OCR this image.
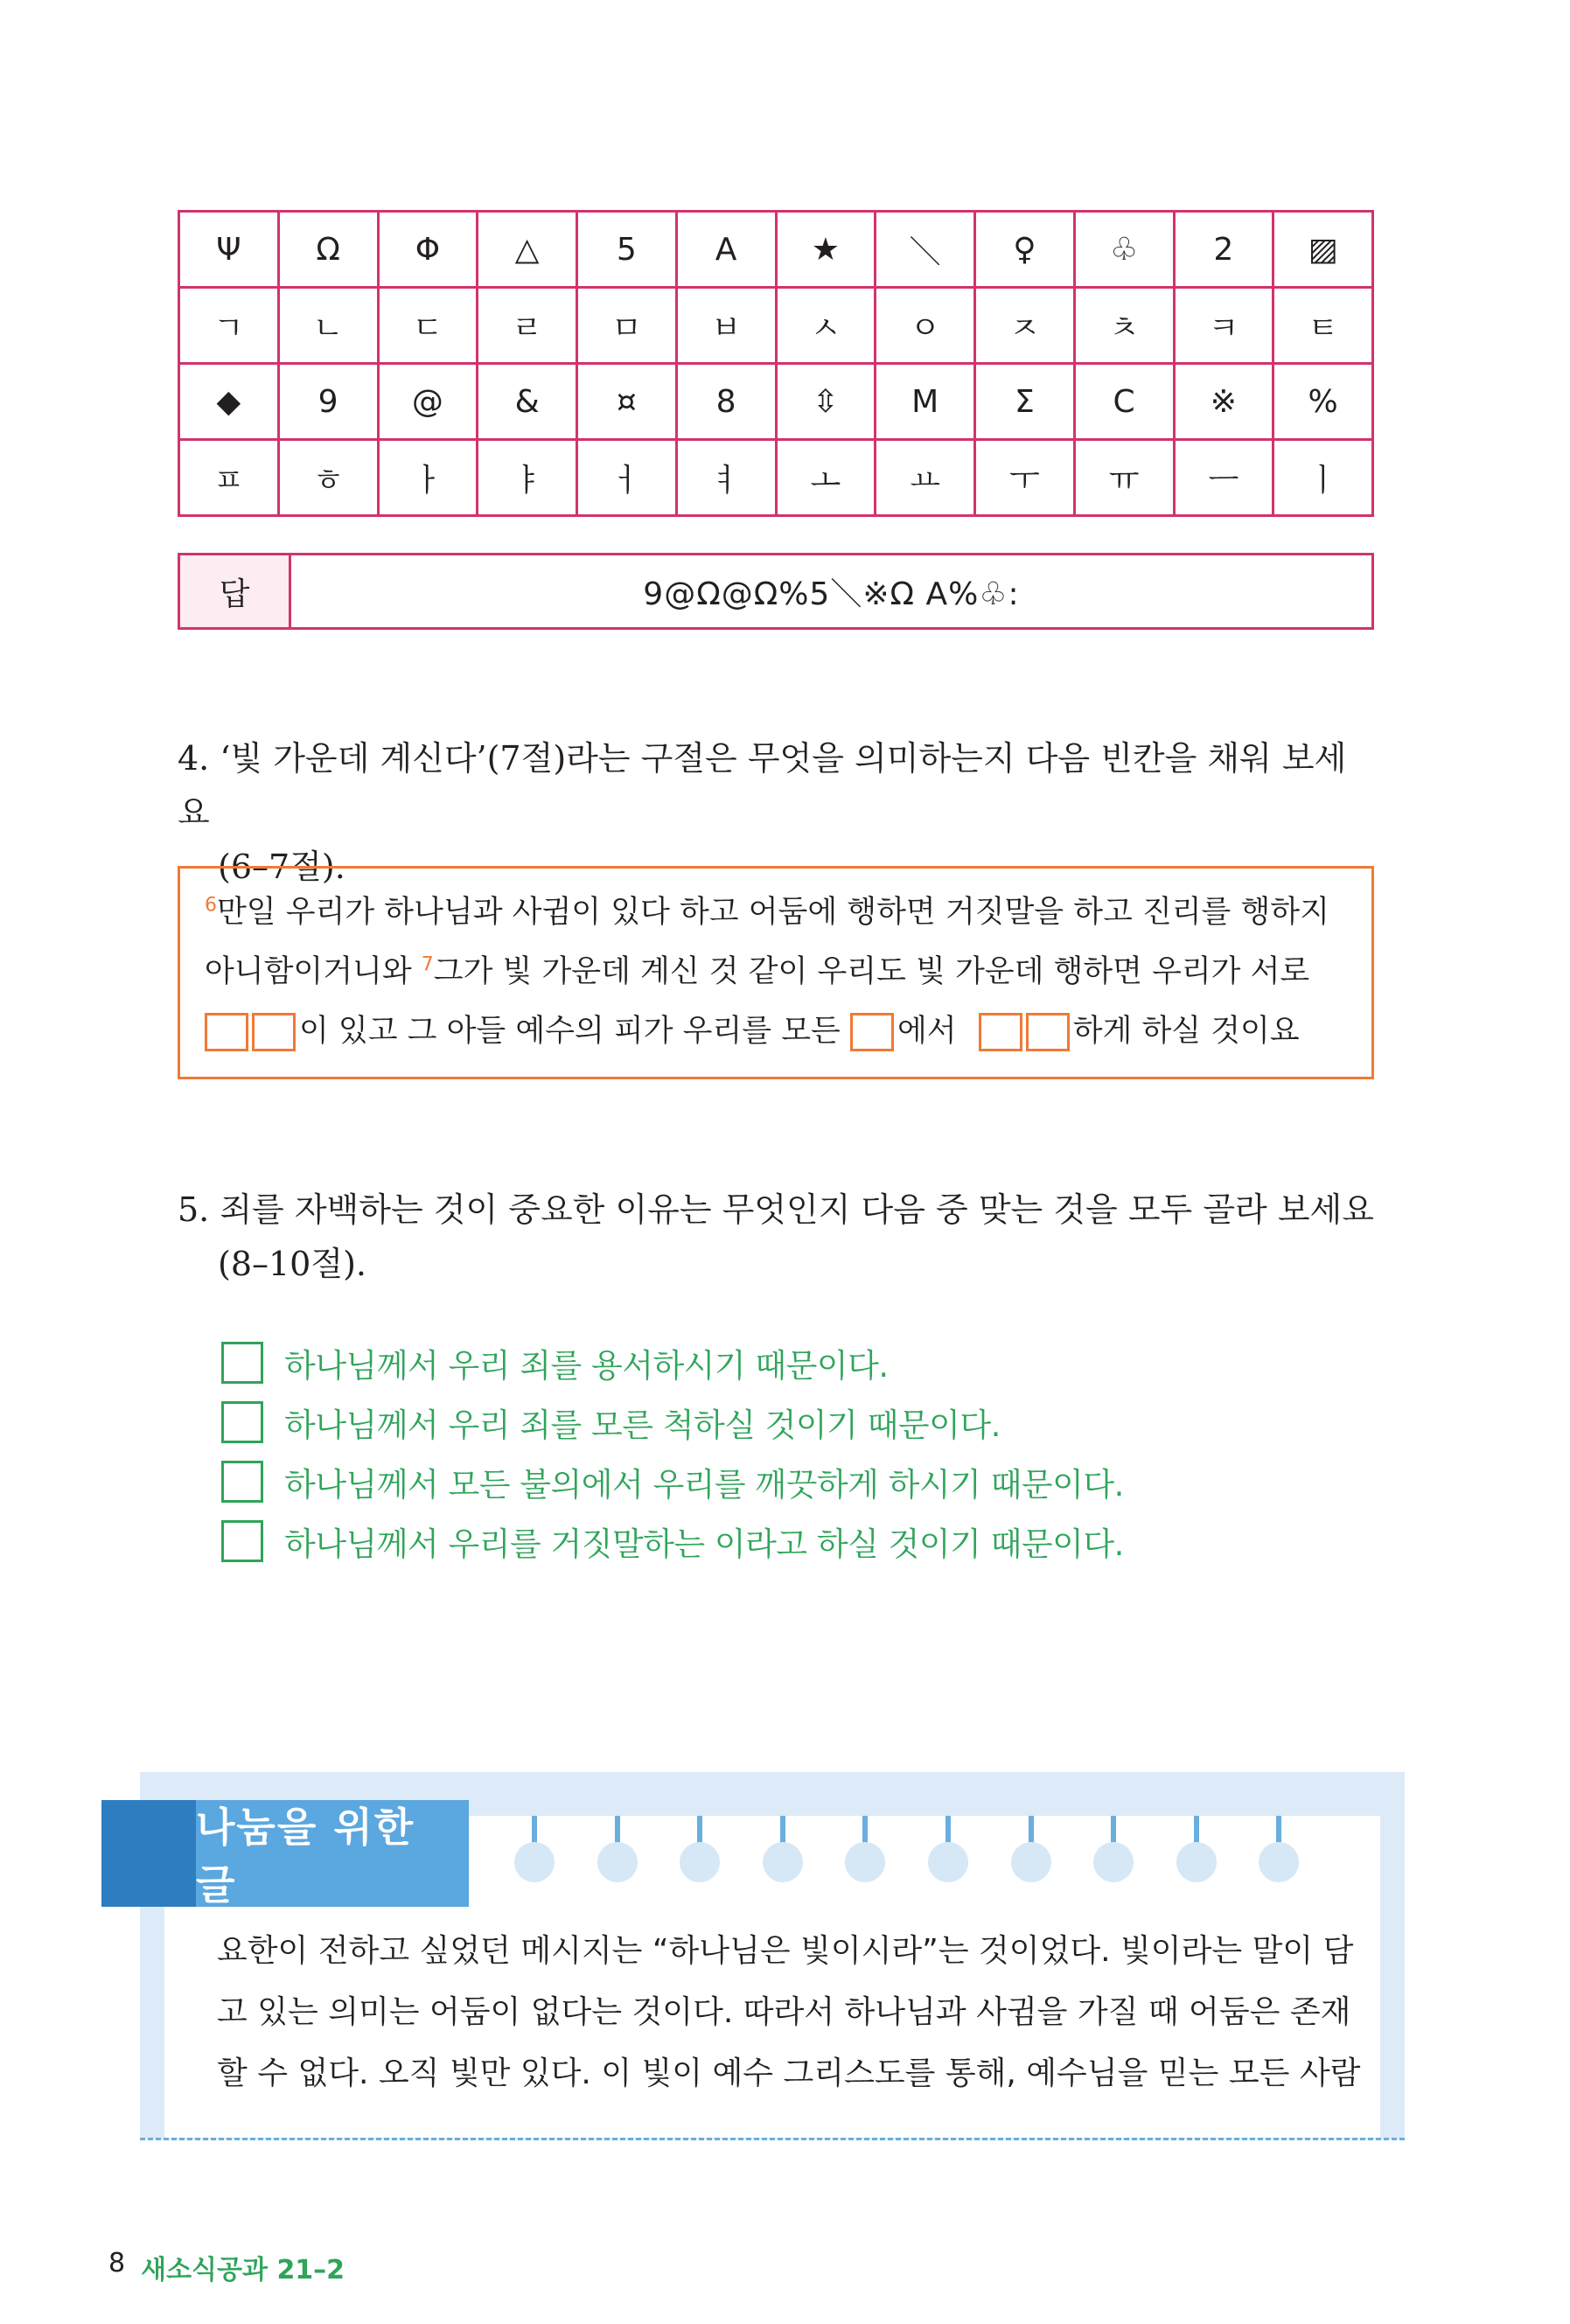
Ψ	Ω	Φ	△	5	A	★	＼	♀	♧	2	▨
ㄱ	ㄴ	ㄷ	ㄹ	ㅁ	ㅂ	ㅅ	ㅇ	ㅈ	ㅊ	ㅋ	ㅌ
◆	9	@	&	¤	8	⇳	M	Σ	C	※	%
ㅍ	ㅎ	ㅏ	ㅑ	ㅓ	ㅕ	ㅗ	ㅛ	ㅜ	ㅠ	ㅡ	ㅣ
답	9@Ω@Ω%5＼※Ω A%♧:
4. ‘빛 가운데 계신다’(7절)라는 구절은 무엇을 의미하는지 다음 빈칸을 채워 보세요
(6–7절).
$^6$만일 우리가 하나님과 사귐이 있다 하고 어둠에 행하면 거짓말을 하고 진리를 행하지
아니함이거니와 $^7$그가 빛 가운데 계신 것 같이 우리도 빛 가운데 행하면 우리가 서로
이 있고 그 아들 예수의 피가 우리를 모든 에서	하게 하실 것이요
5. 죄를 자백하는 것이 중요한 이유는 무엇인지 다음 중 맞는 것을 모두 골라 보세요
(8–10절).
하나님께서 우리 죄를 용서하시기 때문이다.
하나님께서 우리 죄를 모른 척하실 것이기 때문이다.
하나님께서 모든 불의에서 우리를 깨끗하게 하시기 때문이다.
하나님께서 우리를 거짓말하는 이라고 하실 것이기 때문이다.
나눔을 위한 글
요한이 전하고 싶었던 메시지는 “하나님은 빛이시라”는 것이었다. 빛이라는 말이 담
고 있는 의미는 어둠이 없다는 것이다. 따라서 하나님과 사귐을 가질 때 어둠은 존재
할 수 없다. 오직 빛만 있다. 이 빛이 예수 그리스도를 통해, 예수님을 믿는 모든 사람
8 새소식공과 21–2
